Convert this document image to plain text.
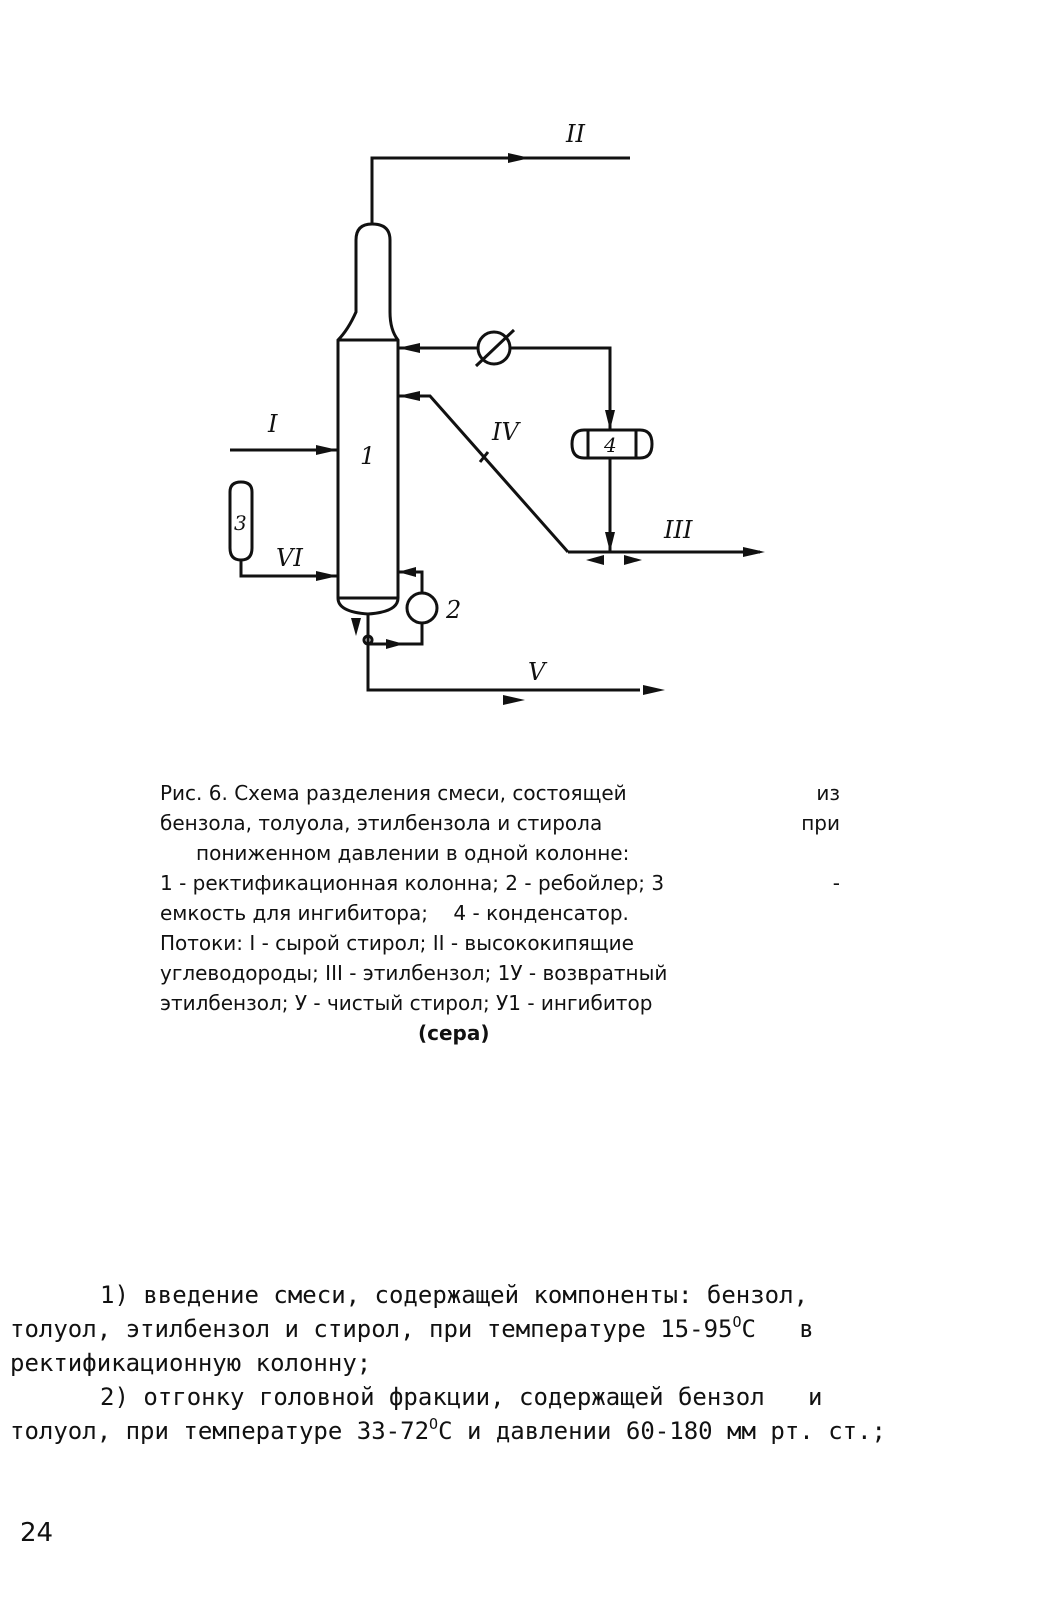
II
I
1
IV	4
III
3
VI
2
V
Рис. 6. Схема разделения смеси, состоящей	из
бензола, толуола, этилбензола и стирола	при
пониженном давлении в одной колонне:
1 - ректификационная колонна; 2 - ребойлер; 3	-
емкость для ингибитора;    4 - конденсатор.
Потоки: I - сырой стирол; II - высококипящие
углеводороды; III - этилбензол; 1У - возвратный
этилбензол; У - чистый стирол; У1 - ингибитор
(сера)
1) введение смеси, содержащей компоненты: бензол,
толуол, этилбензол и стирол, при температуре $15-95^OC$   в
ректификационную колонну;
2) отгонку головной фракции, содержащей бензол   и
толуол, при температуре $33-72^OC$ и давлении 60-180 мм рт. ст.;
24
